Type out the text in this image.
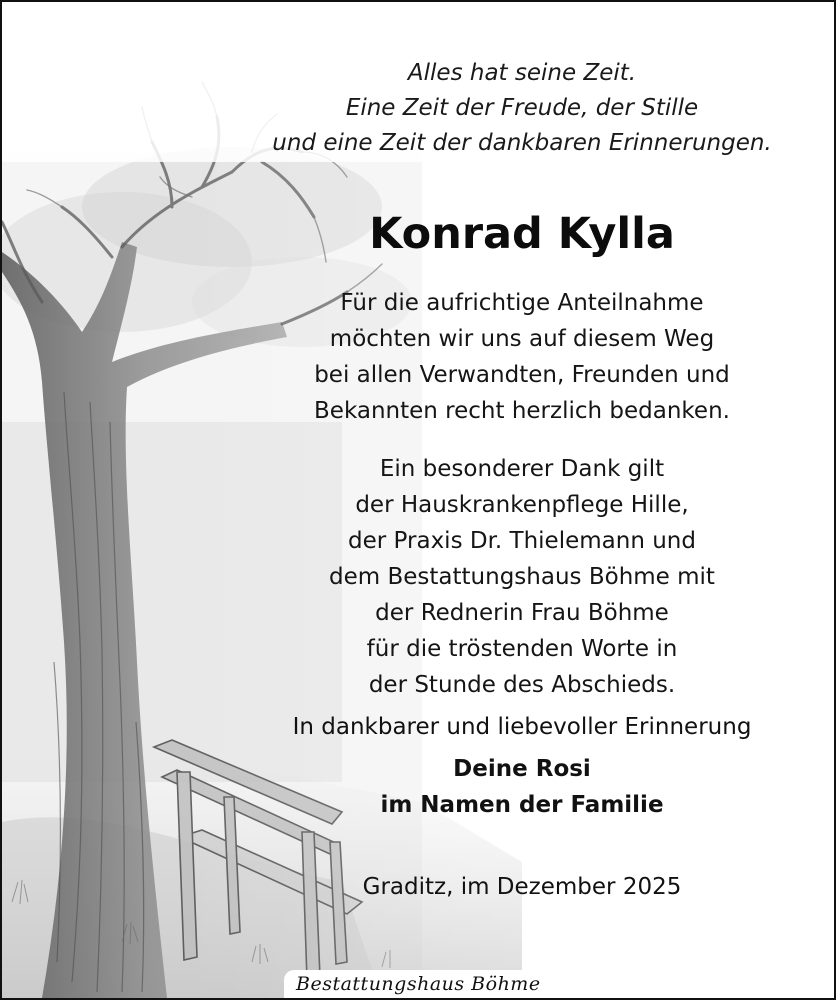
Alles hat seine Zeit.
Eine Zeit der Freude, der Stille
und eine Zeit der dankbaren Erinnerungen.
Konrad Kylla
Für die aufrichtige Anteilnahme
möchten wir uns auf diesem Weg
bei allen Verwandten, Freunden und
Bekannten recht herzlich bedanken.
Ein besonderer Dank gilt
der Hauskrankenpflege Hille,
der Praxis Dr. Thielemann und
dem Bestattungshaus Böhme mit
der Rednerin Frau Böhme
für die tröstenden Worte in
der Stunde des Abschieds.
In dankbarer und liebevoller Erinnerung
Deine Rosi
im Namen der Familie
Graditz, im Dezember 2025
Bestattungshaus Böhme
